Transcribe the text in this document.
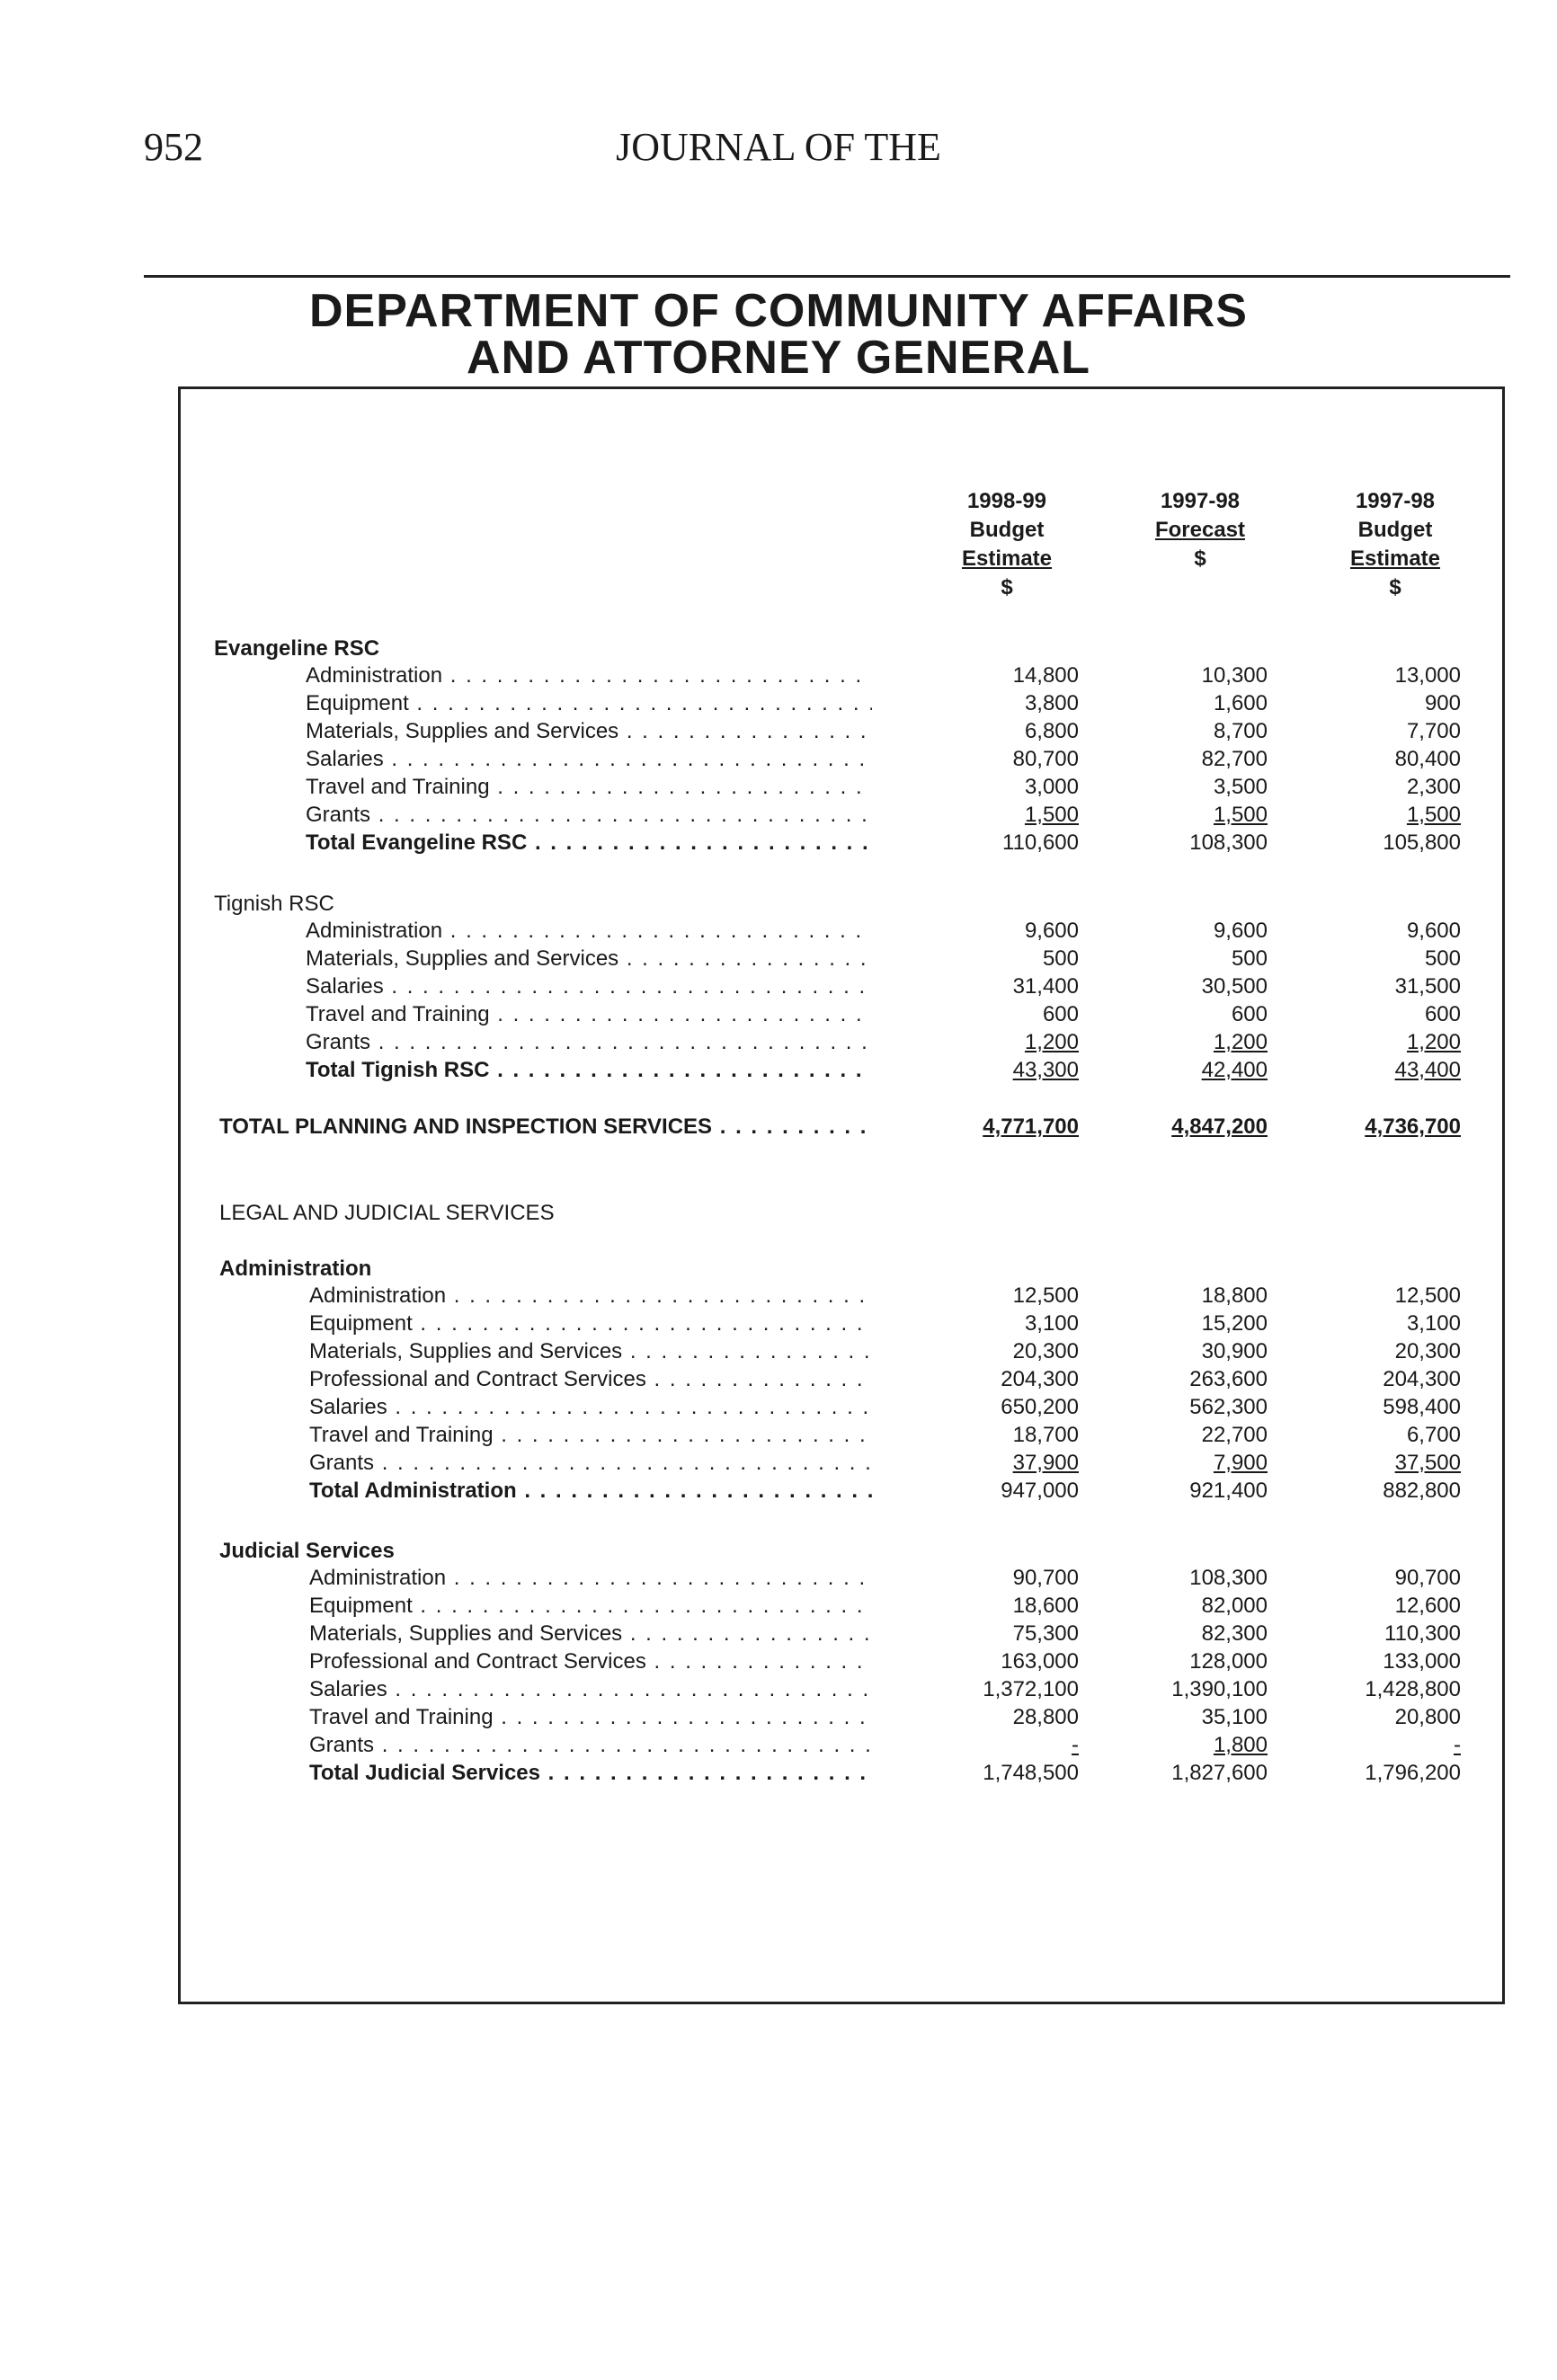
952	JOURNAL OF THE
DEPARTMENT OF COMMUNITY AFFAIRS
AND ATTORNEY GENERAL
1998-99
Budget
Estimate
$
1997-98
Forecast
$
1997-98
Budget
Estimate
$
Evangeline RSC
Administration . . .	14,800	10,300	13,000
Equipment . . .	3,800	1,600	900
Materials, Supplies and Services . . .	6,800	8,700	7,700
Salaries . . .	80,700	82,700	80,400
Travel and Training . . .	3,000	3,500	2,300
Grants . . .	1,500	1,500	1,500
Total Evangeline RSC . . .	110,600	108,300	105,800
Tignish RSC
Administration . . .	9,600	9,600	9,600
Materials, Supplies and Services . . .	500	500	500
Salaries . . .	31,400	30,500	31,500
Travel and Training . . .	600	600	600
Grants . . .	1,200	1,200	1,200
Total Tignish RSC . . .	43,300	42,400	43,400
TOTAL PLANNING AND INSPECTION SERVICES . . .	4,771,700	4,847,200	4,736,700
LEGAL AND JUDICIAL SERVICES
Administration
Administration . . .	12,500	18,800	12,500
Equipment . . .	3,100	15,200	3,100
Materials, Supplies and Services . . .	20,300	30,900	20,300
Professional and Contract Services . . .	204,300	263,600	204,300
Salaries . . .	650,200	562,300	598,400
Travel and Training . . .	18,700	22,700	6,700
Grants . . .	37,900	7,900	37,500
Total Administration . . .	947,000	921,400	882,800
Judicial Services
Administration . . .	90,700	108,300	90,700
Equipment . . .	18,600	82,000	12,600
Materials, Supplies and Services . . .	75,300	82,300	110,300
Professional and Contract Services . . .	163,000	128,000	133,000
Salaries . . .	1,372,100	1,390,100	1,428,800
Travel and Training . . .	28,800	35,100	20,800
Grants . . .	-	1,800	-
Total Judicial Services . . .	1,748,500	1,827,600	1,796,200
